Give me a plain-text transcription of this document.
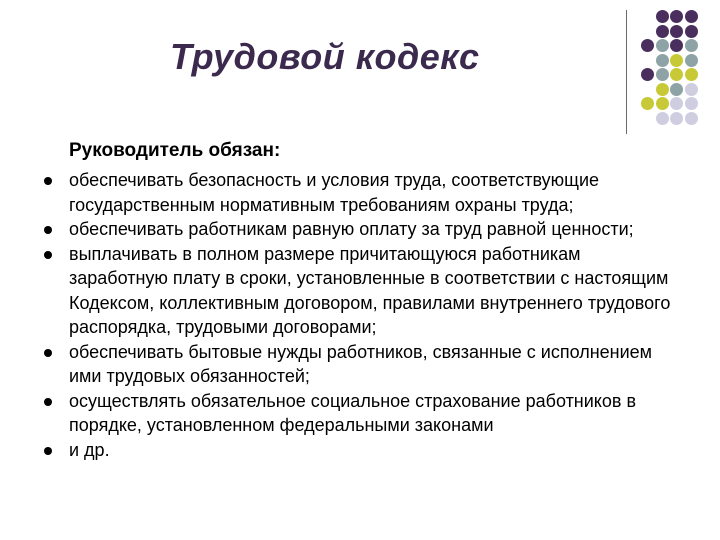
Трудовой кодекс
Руководитель обязан:
обеспечивать безопасность и условия труда, соответствующие государственным нормативным требованиям охраны труда;
обеспечивать работникам равную оплату за труд равной ценности;
выплачивать в полном размере причитающуюся работникам заработную плату в сроки, установленные в соответствии с настоящим Кодексом, коллективным договором, правилами внутреннего трудового распорядка, трудовыми договорами;
обеспечивать бытовые нужды работников, связанные с исполнением ими трудовых обязанностей;
осуществлять обязательное социальное страхование работников в порядке, установленном федеральными законами
и др.
